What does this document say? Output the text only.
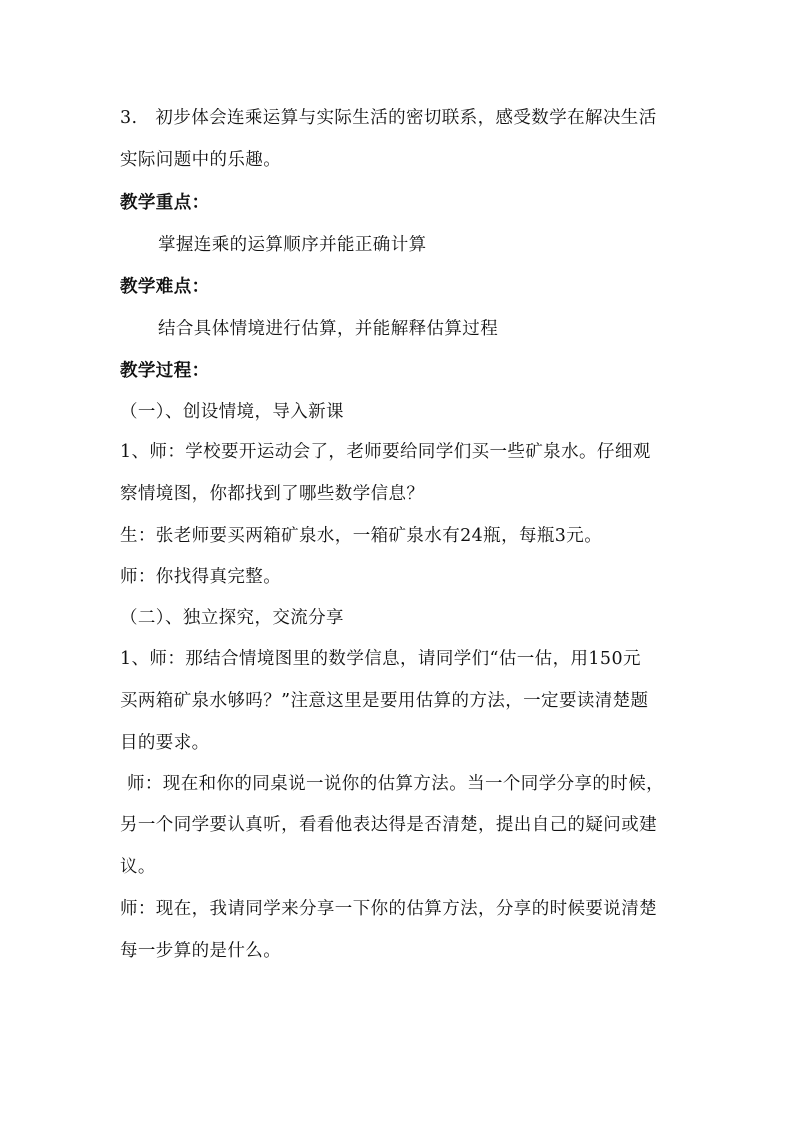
3.　初步体会连乘运算与实际生活的密切联系，感受数学在解决生活
实际问题中的乐趣。
教学重点：
掌握连乘的运算顺序并能正确计算
教学难点：
结合具体情境进行估算，并能解释估算过程
教学过程：
（一）、创设情境，导入新课
1、师：学校要开运动会了，老师要给同学们买一些矿泉水。仔细观
察情境图，你都找到了哪些数学信息？
生：张老师要买两箱矿泉水，一箱矿泉水有24瓶，每瓶3元。
师：你找得真完整。
（二）、独立探究，交流分享
1、师：那结合情境图里的数学信息，请同学们“估一估，用150元
买两箱矿泉水够吗？”注意这里是要用估算的方法，一定要读清楚题
目的要求。
师：现在和你的同桌说一说你的估算方法。当一个同学分享的时候，
另一个同学要认真听，看看他表达得是否清楚，提出自己的疑问或建
议。
师：现在，我请同学来分享一下你的估算方法，分享的时候要说清楚
每一步算的是什么。
